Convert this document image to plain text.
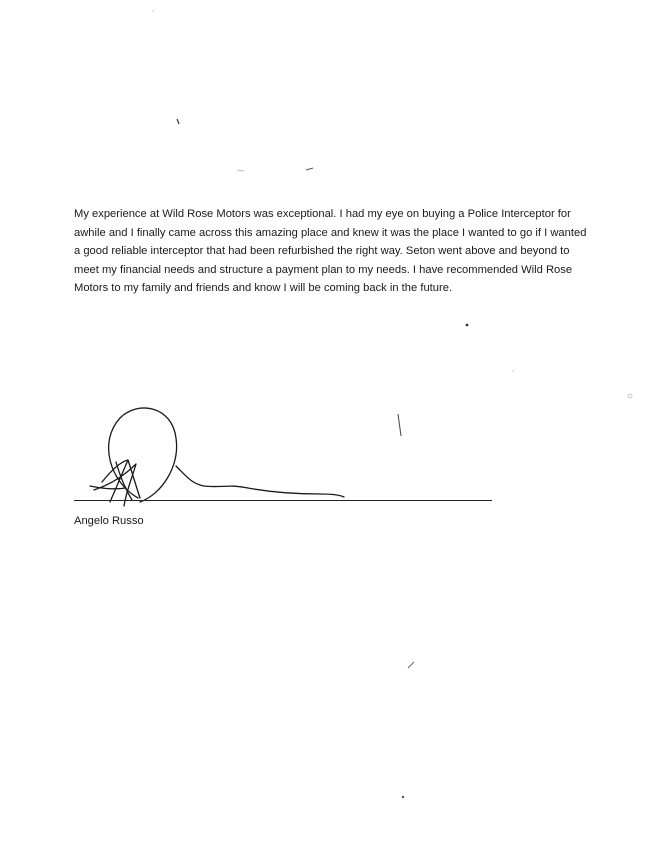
My experience at Wild Rose Motors was exceptional. I had my eye on buying a Police Interceptor for
awhile and I finally came across this amazing place and knew it was the place I wanted to go if I wanted
a good reliable interceptor that had been refurbished the right way. Seton went above and beyond to
meet my financial needs and structure a payment plan to my needs. I have recommended Wild Rose
Motors to my family and friends and know I will be coming back in the future.

Angelo Russo
